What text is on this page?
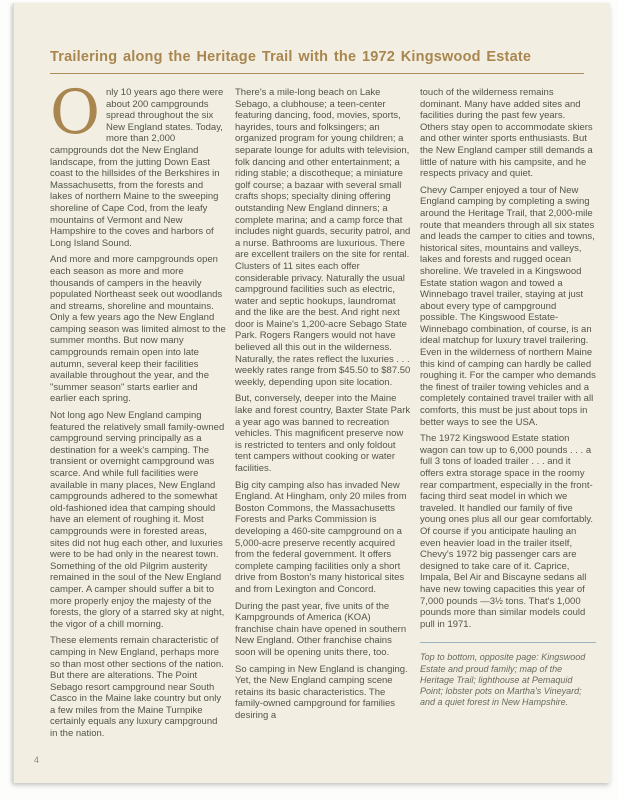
Trailering along the Heritage Trail with the 1972 Kingswood Estate

Only 10 years ago there were about 200 campgrounds spread throughout the six New England states. Today, more than 2,000 campgrounds dot the New England landscape, from the jutting Down East coast to the hillsides of the Berkshires in Massachusetts, from the forests and lakes of northern Maine to the sweeping shoreline of Cape Cod, from the leafy mountains of Vermont and New Hampshire to the coves and harbors of Long Island Sound.

And more and more campgrounds open each season as more and more thousands of campers in the heavily populated Northeast seek out woodlands and streams, shoreline and mountains. Only a few years ago the New England camping season was limited almost to the summer months. But now many campgrounds remain open into late autumn, several keep their facilities available throughout the year, and the "summer season" starts earlier and earlier each spring.

Not long ago New England camping featured the relatively small family-owned campground serving principally as a destination for a week's camping. The transient or overnight campground was scarce. And while full facilities were available in many places, New England campgrounds adhered to the somewhat old-fashioned idea that camping should have an element of roughing it. Most campgrounds were in forested areas, sites did not hug each other, and luxuries were to be had only in the nearest town. Something of the old Pilgrim austerity remained in the soul of the New England camper. A camper should suffer a bit to more properly enjoy the majesty of the forests, the glory of a starred sky at night, the vigor of a chill morning.

These elements remain characteristic of camping in New England, perhaps more so than most other sections of the nation. But there are alterations. The Point Sebago resort campground near South Casco in the Maine lake country but only a few miles from the Maine Turnpike certainly equals any luxury campground in the nation.

There's a mile-long beach on Lake Sebago, a clubhouse; a teen-center featuring dancing, food, movies, sports, hayrides, tours and folksingers; an organized program for young children; a separate lounge for adults with television, folk dancing and other entertainment; a riding stable; a discotheque; a miniature golf course; a bazaar with several small crafts shops; specialty dining offering outstanding New England dinners; a complete marina; and a camp force that includes night guards, security patrol, and a nurse. Bathrooms are luxurious. There are excellent trailers on the site for rental. Clusters of 11 sites each offer considerable privacy. Naturally the usual campground facilities such as electric, water and septic hookups, laundromat and the like are the best. And right next door is Maine's 1,200-acre Sebago State Park. Rogers Rangers would not have believed all this out in the wilderness. Naturally, the rates reflect the luxuries . . . weekly rates range from $45.50 to $87.50 weekly, depending upon site location.

But, conversely, deeper into the Maine lake and forest country, Baxter State Park a year ago was banned to recreation vehicles. This magnificent preserve now is restricted to tenters and only foldout tent campers without cooking or water facilities.

Big city camping also has invaded New England. At Hingham, only 20 miles from Boston Commons, the Massachusetts Forests and Parks Commission is developing a 460-site campground on a 5,000-acre preserve recently acquired from the federal government. It offers complete camping facilities only a short drive from Boston's many historical sites and from Lexington and Concord.

During the past year, five units of the Kampgrounds of America (KOA) franchise chain have opened in southern New England. Other franchise chains soon will be opening units there, too.

So camping in New England is changing. Yet, the New England camping scene retains its basic characteristics. The family-owned campground for families desiring a

touch of the wilderness remains dominant. Many have added sites and facilities during the past few years. Others stay open to accommodate skiers and other winter sports enthusiasts. But the New England camper still demands a little of nature with his campsite, and he respects privacy and quiet.

Chevy Camper enjoyed a tour of New England camping by completing a swing around the Heritage Trail, that 2,000-mile route that meanders through all six states and leads the camper to cities and towns, historical sites, mountains and valleys, lakes and forests and rugged ocean shoreline. We traveled in a Kingswood Estate station wagon and towed a Winnebago travel trailer, staying at just about every type of campground possible. The Kingswood Estate-Winnebago combination, of course, is an ideal matchup for luxury travel trailering. Even in the wilderness of northern Maine this kind of camping can hardly be called roughing it. For the camper who demands the finest of trailer towing vehicles and a completely contained travel trailer with all comforts, this must be just about tops in better ways to see the USA.

The 1972 Kingswood Estate station wagon can tow up to 6,000 pounds . . . a full 3 tons of loaded trailer . . . and it offers extra storage space in the roomy rear compartment, especially in the front-facing third seat model in which we traveled. It handled our family of five young ones plus all our gear comfortably. Of course if you anticipate hauling an even heavier load in the trailer itself, Chevy's 1972 big passenger cars are designed to take care of it. Caprice, Impala, Bel Air and Biscayne sedans all have new towing capacities this year of 7,000 pounds —3½ tons. That's 1,000 pounds more than similar models could pull in 1971.

Top to bottom, opposite page: Kingswood Estate and proud family; map of the Heritage Trail; lighthouse at Pemaquid Point; lobster pots on Martha's Vineyard; and a quiet forest in New Hampshire.

4
